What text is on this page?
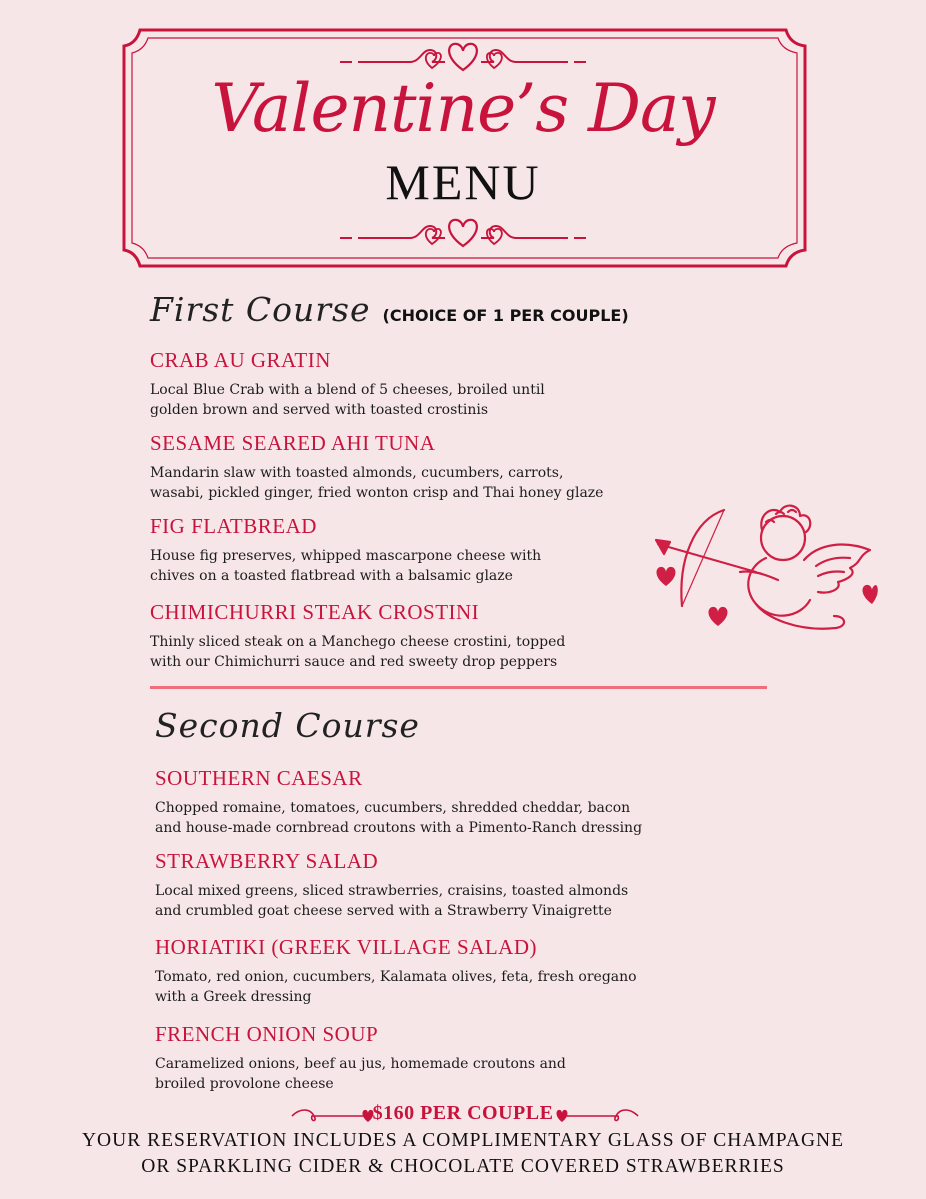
Valentine’s Day
MENU
First Course (CHOICE OF 1 PER COUPLE)
CRAB AU GRATIN
Local Blue Crab with a blend of 5 cheeses, broiled until
golden brown and served with toasted crostinis
SESAME SEARED AHI TUNA
Mandarin slaw with toasted almonds, cucumbers, carrots,
wasabi, pickled ginger, fried wonton crisp and Thai honey glaze
FIG FLATBREAD
House fig preserves, whipped mascarpone cheese with
chives on a toasted flatbread with a balsamic glaze
CHIMICHURRI STEAK CROSTINI
Thinly sliced steak on a Manchego cheese crostini, topped
with our Chimichurri sauce and red sweety drop peppers
Second Course
SOUTHERN CAESAR
Chopped romaine, tomatoes, cucumbers, shredded cheddar, bacon
and house-made cornbread croutons with a Pimento-Ranch dressing
STRAWBERRY SALAD
Local mixed greens, sliced strawberries, craisins, toasted almonds
and crumbled goat cheese served with a Strawberry Vinaigrette
HORIATIKI (GREEK VILLAGE SALAD)
Tomato, red onion, cucumbers, Kalamata olives, feta, fresh oregano
with a Greek dressing
FRENCH ONION SOUP
Caramelized onions, beef au jus, homemade croutons and
broiled provolone cheese
$160 PER COUPLE
YOUR RESERVATION INCLUDES A COMPLIMENTARY GLASS OF CHAMPAGNE
OR SPARKLING CIDER & CHOCOLATE COVERED STRAWBERRIES
